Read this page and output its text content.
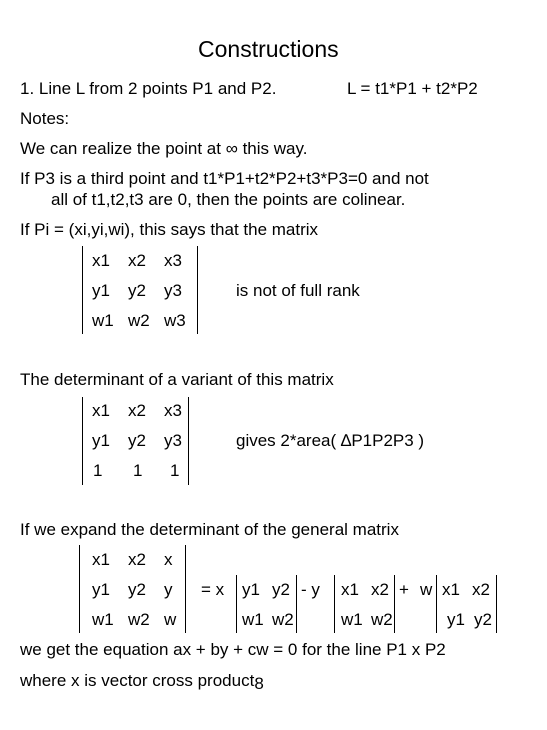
Constructions
1. Line L from 2 points P1 and P2.	L = t1*P1 + t2*P2
Notes:
We can realize the point at ∞ this way.
If P3 is a third point and t1*P1+t2*P2+t3*P3=0 and not
all of t1,t2,t3 are 0, then the points are colinear.
If Pi = (xi,yi,wi), this says that the matrix
x1 x2 x3
y1 y2 y3
w1 w2 w3
is not of full rank
The determinant of a variant of this matrix
x1 x2 x3
y1 y2 y3
1 1 1
gives 2*area( ∆P1P2P3 )
If we expand the determinant of the general matrix
x1 x2 x
y1 y2 y
w1 w2 w
= x y1 y2
w1 w2
- y x1 x2
w1 w2
+ w x1 x2
y1 y2
we get the equation ax + by + cw = 0 for the line P1 x P2
where x is vector cross product8
